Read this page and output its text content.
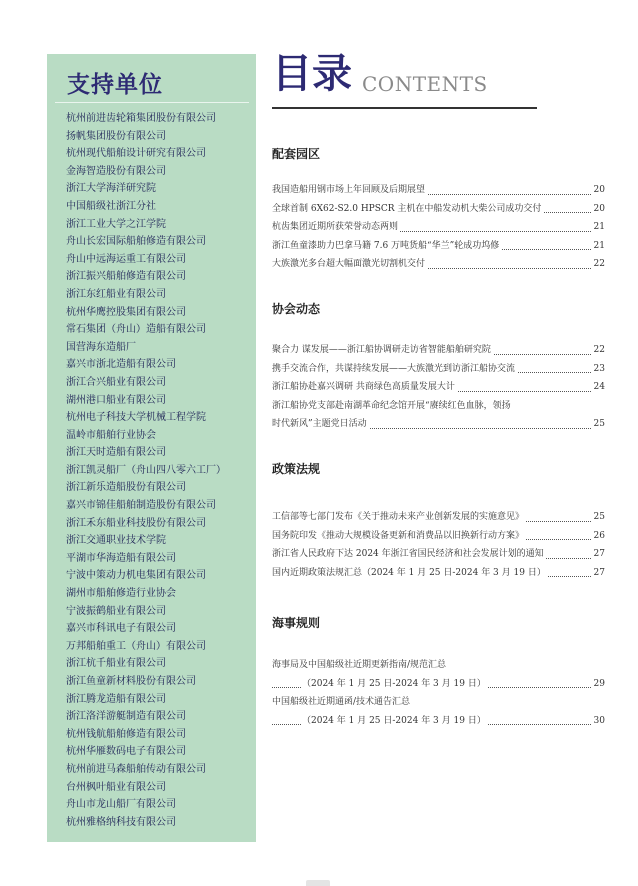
支持单位
杭州前进齿轮箱集团股份有限公司
扬帆集团股份有限公司
杭州现代船舶设计研究有限公司
金海智造股份有限公司
浙江大学海洋研究院
中国船级社浙江分社
浙江工业大学之江学院
舟山长宏国际船舶修造有限公司
舟山中远海运重工有限公司
浙江振兴船舶修造有限公司
浙江东红船业有限公司
杭州华鹰控股集团有限公司
常石集团（舟山）造船有限公司
国营海东造船厂
嘉兴市浙北造船有限公司
浙江合兴船业有限公司
湖州港口船业有限公司
杭州电子科技大学机械工程学院
温岭市船舶行业协会
浙江天时造船有限公司
浙江凯灵船厂（舟山四八零六工厂）
浙江新乐造船股份有限公司
嘉兴市锦佳船舶制造股份有限公司
浙江禾东船业科技股份有限公司
浙江交通职业技术学院
平湖市华海造船有限公司
宁波中策动力机电集团有限公司
湖州市船舶修造行业协会
宁波振鹤船业有限公司
嘉兴市科讯电子有限公司
万邦船舶重工（舟山）有限公司
浙江杭千船业有限公司
浙江鱼童新材料股份有限公司
浙江腾龙造船有限公司
浙江洛洋游艇制造有限公司
杭州钱航船舶修造有限公司
杭州华雁数码电子有限公司
杭州前进马森船舶传动有限公司
台州枫叶船业有限公司
舟山市龙山船厂有限公司
杭州雅格纳科技有限公司
目录 CONTENTS
配套园区
我国造船用钢市场上年回顾及后期展望	20
全球首制 6X62-S2.0 HPSCR 主机在中船发动机大柴公司成功交付	20
杭齿集团近期所获荣誉动态两则	21
浙江鱼童漆助力巴拿马籍 7.6 万吨货船“华兰”轮成功坞修	21
大族激光多台超大幅面激光切割机交付	22
协会动态
聚合力 谋发展——浙江船协调研走访省智能船舶研究院	22
携手交流合作，共谋持续发展——大族激光到访浙江船协交流	23
浙江船协赴嘉兴调研 共商绿色高质量发展大计	24
浙江船协党支部赴南湖革命纪念馆开展“赓续红色血脉，领扬
时代新风”主题党日活动	25
政策法规
工信部等七部门发布《关于推动未来产业创新发展的实施意见》	25
国务院印发《推动大规模设备更新和消费品以旧换新行动方案》	26
浙江省人民政府下达 2024 年浙江省国民经济和社会发展计划的通知	27
国内近期政策法规汇总（2024 年 1 月 25 日-2024 年 3 月 19 日）	27
海事规则
海事局及中国船级社近期更新指南/规范汇总
（2024 年 1 月 25 日-2024 年 3 月 19 日）	29
中国船级社近期通函/技术通告汇总
（2024 年 1 月 25 日-2024 年 3 月 19 日）	30
